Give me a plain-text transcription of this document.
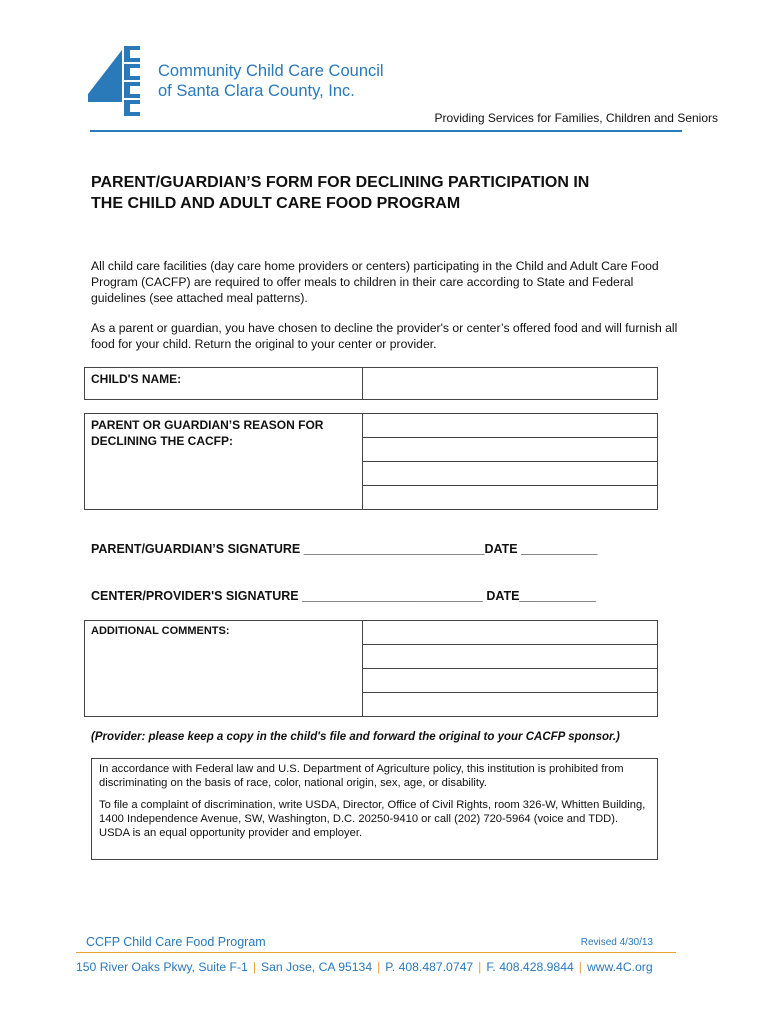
Community Child Care Council
of Santa Clara County, Inc.
Providing Services for Families, Children and Seniors
PARENT/GUARDIAN’S FORM FOR DECLINING PARTICIPATION IN
THE CHILD AND ADULT CARE FOOD PROGRAM

All child care facilities (day care home providers or centers) participating in the Child and Adult Care Food Program (CACFP) are required to offer meals to children in their care according to State and Federal guidelines (see attached meal patterns).

As a parent or guardian, you have chosen to decline the provider's or center’s offered food and will furnish all food for your child. Return the original to your center or provider.

CHILD'S NAME:	
PARENT OR GUARDIAN’S REASON FOR
DECLINING THE CACFP:

PARENT/GUARDIAN’S SIGNATURE __________________________DATE ___________
CENTER/PROVIDER'S SIGNATURE __________________________ DATE___________
ADDITIONAL COMMENTS:	

(Provider: please keep a copy in the child's file and forward the original to your CACFP sponsor.)

In accordance with Federal law and U.S. Department of Agriculture policy, this institution is prohibited from discriminating on the basis of race, color, national origin, sex, age, or disability.

To file a complaint of discrimination, write USDA, Director, Office of Civil Rights, room 326-W, Whitten Building, 1400 Independence Avenue, SW, Washington, D.C. 20250-9410 or call (202) 720-5964 (voice and TDD). USDA is an equal opportunity provider and employer.

CCFP Child Care Food Program	Revised 4/30/13
150 River Oaks Pkwy, Suite F-1 | San Jose, CA 95134 | P. 408.487.0747 | F. 408.428.9844 | www.4C.org
